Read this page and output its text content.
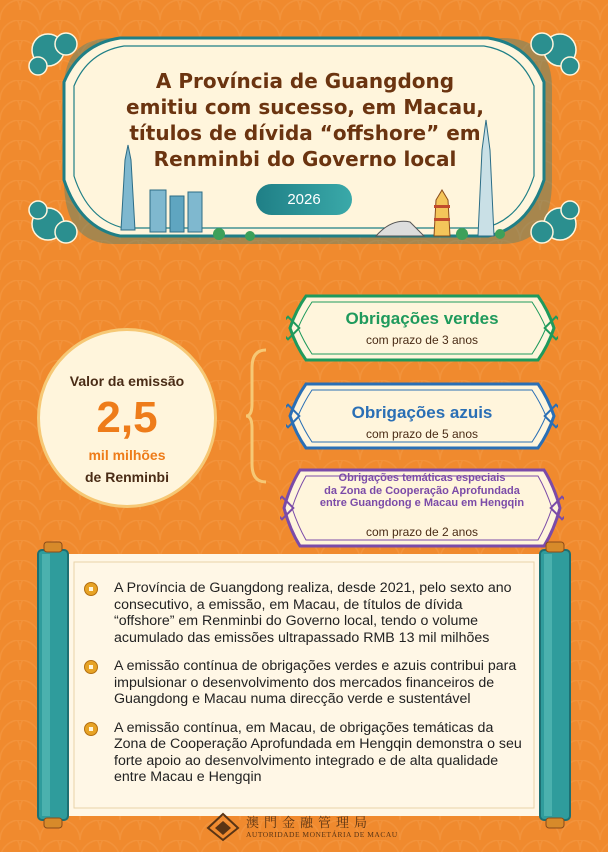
A Província de Guangdong
emitiu com sucesso, em Macau,
títulos de dívida “offshore” em
Renminbi do Governo local
2026
Valor da emissão
2,5
mil milhões
de Renminbi
Obrigações verdes
com prazo de 3 anos
Obrigações azuis
com prazo de 5 anos
Obrigações temáticas especiais
da Zona de Cooperação Aprofundada
entre Guangdong e Macau em Hengqin
com prazo de 2 anos
A Província de Guangdong realiza, desde 2021, pelo sexto ano consecutivo, a emissão, em Macau, de títulos de dívida “offshore” em Renminbi do Governo local, tendo o volume acumulado das emissões ultrapassado RMB 13 mil milhões
A emissão contínua de obrigações verdes e azuis contribui para impulsionar o desenvolvimento dos mercados financeiros de Guangdong e Macau numa direcção verde e sustentável
A emissão contínua, em Macau, de obrigações temáticas da Zona de Cooperação Aprofundada em Hengqin demonstra o seu forte apoio ao desenvolvimento integrado e de alta qualidade entre Macau e Hengqin
澳門金融管理局
AUTORIDADE MONETÁRIA DE MACAU
